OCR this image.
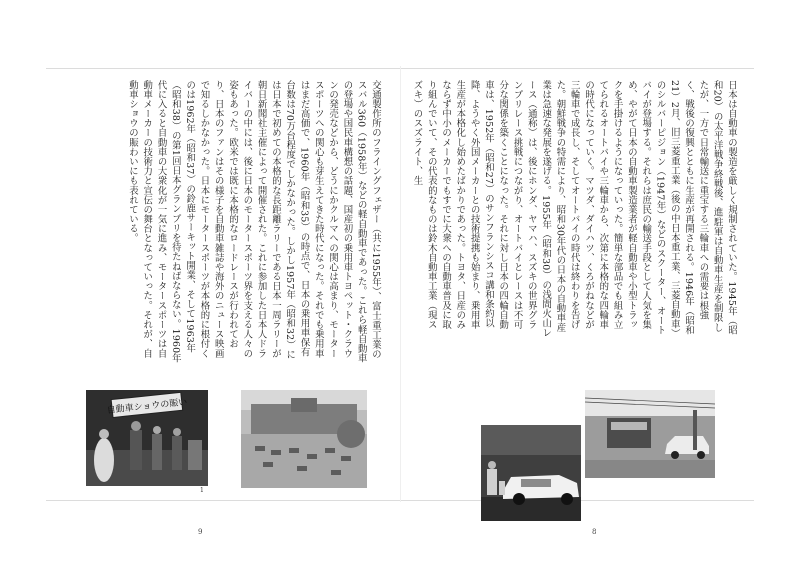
日本は自動車の製造を厳しく規制されていた。1945年（昭和20）の太平洋戦争終戦後、進駐軍は自動車生産を制限したが、一方で日常輸送に重宝する三輪車への需要は根強く、戦後の復興とともに生産が再開される。1946年（昭和21）2月、旧三菱重工業（後の中日本重工業、三菱自動車）のシルバーピジョン（1947年）などのスクーター、オートバイが登場する。それらは庶民の輸送手段として人気を集め、やがて日本の自動車製造業者が軽自動車や小型トラックを手掛けるようになっていった。簡単な部品でも組み立てられるオートバイや三輪車から、次第に本格的な四輪車の時代になっていく。マツダ、ダイハツ、くろがねなどが三輪車で成長し、そしてオートバイの時代は終わりを告げた。朝鮮戦争の特需により、昭和30年代の日本の自動車産業は急速な発展を遂げる。1955年（昭和30）の浅間火山レース（通称）は、後にホンダ、ヤマハ、スズキの世界グランプリレース挑戦につながり、オートバイとレースは不可分な関係を築くことになった。それに対し日本の四輪自動車は、1952年（昭和27）のサンフランシスコ講和条約以降、ようやく外国メーカーとの技術提携も始まり、乗用車生産が本格化し始めたばかりであった。トヨタ、日産のみならず中小のメーカーでもすでに大衆への自動車普及に取り組んでいて、その代表的なものは鈴木自動車工業（現スズキ）のスズライト、生
交通製作所のフライングフェザー（共に1955年）、富士重工業のスバル360（1958年）などの軽自動車であった。これら軽自動車の登場や国民車構想の話題、国産初の乗用車トヨペット・クラウンの発売などから、どうにかクルマへの関心は高まり、モータースポーツへの関心も芽生えてきた時代になった。それでも乗用車はまだ高価で、1960年（昭和35）の時点で、日本の乗用車保有台数は70万台程度でしかなかった。しかし1957年（昭和32）には日本で初めての本格的な長距離ラリーである日本一周ラリーが朝日新聞社主催によって開催された。これに参加した日本人ドライバーの中には、後に日本のモータースポーツ界を支える人々の姿もあった。欧米では既に本格的なロードレースが行われており、日本のファンはその様子を自動車雑誌や海外のニュース映画で知るしかなかった。日本にモータースポーツが本格的に根付くのは1962年（昭和37）の鈴鹿サーキット開業、そして1963年（昭和38）の第1回日本グランプリを待たねばならない。1960年代に入ると自動車の大衆化が一気に進み、モータースポーツは自動車メーカーの技術力と宣伝の舞台となっていった。それが、自動車ショウの賑わいにも表れている。
自動車ショウの賑い
1
9	8
